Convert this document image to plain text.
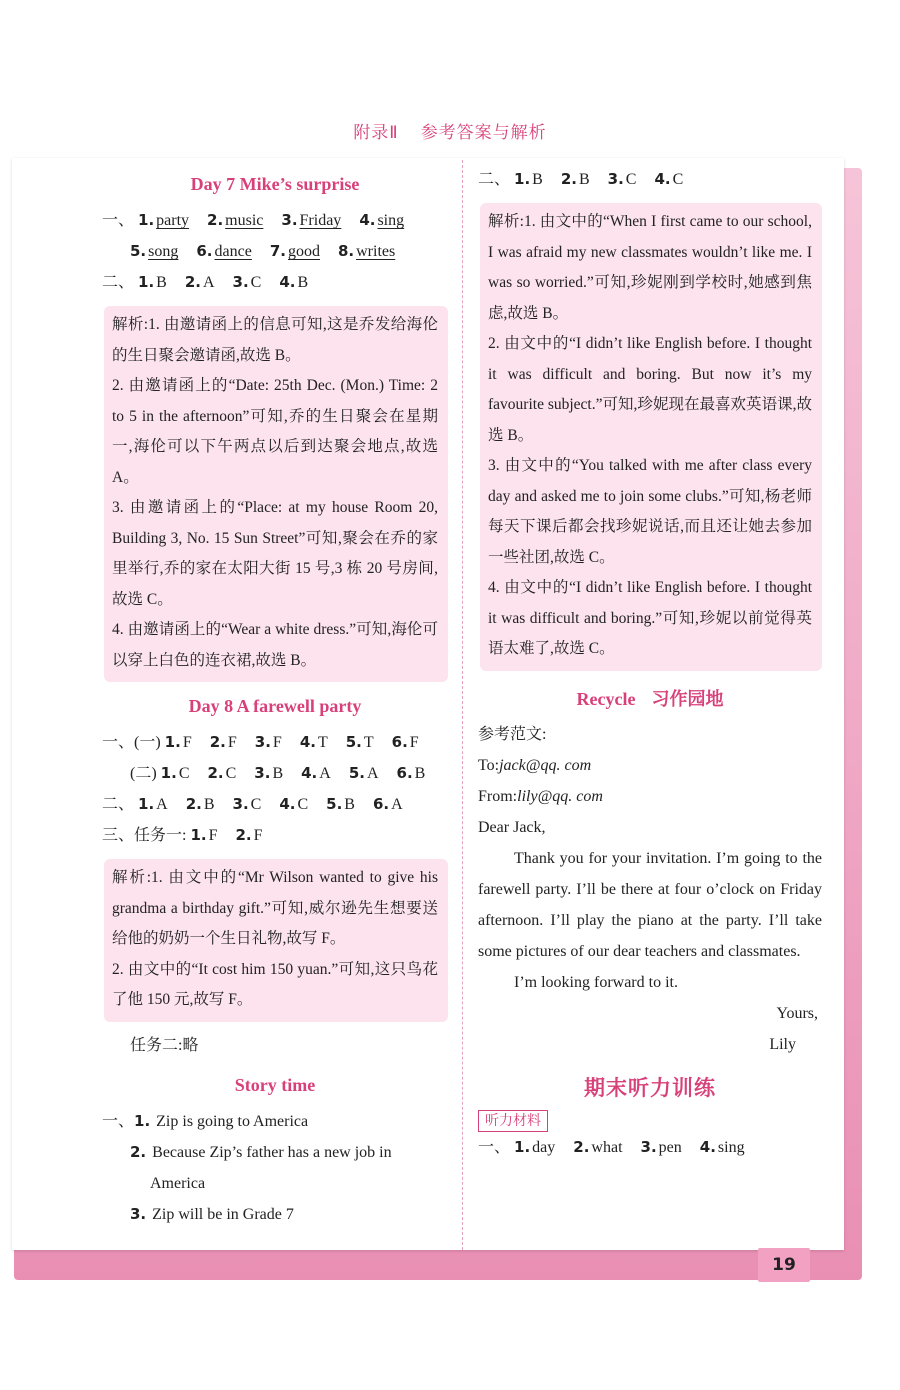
附录Ⅱ 参考答案与解析
19
Day 7 Mike’s surprise
一、 1. party 2. music 3. Friday 4. sing
5. song 6. dance 7. good 8. writes
二、 1. B 2. A 3. C 4. B

解析:1. 由邀请函上的信息可知,这是乔发给海伦的生日聚会邀请函,故选 B。

2. 由邀请函上的“Date: 25th Dec. (Mon.) Time: 2 to 5 in the afternoon”可知,乔的生日聚会在星期一,海伦可以下午两点以后到达聚会地点,故选 A。

3. 由邀请函上的“Place: at my house Room 20, Building 3, No. 15 Sun Street”可知,聚会在乔的家里举行,乔的家在太阳大街 15 号,3 栋 20 号房间,故选 C。

4. 由邀请函上的“Wear a white dress.”可知,海伦可以穿上白色的连衣裙,故选 B。

Day 8 A farewell party
一、(一) 1. F 2. F 3. F 4. T 5. T 6. F
(二) 1. C 2. C 3. B 4. A 5. A 6. B
二、 1. A 2. B 3. C 4. C 5. B 6. A
三、任务一: 1. F 2. F

解析:1. 由文中的“Mr Wilson wanted to give his grandma a birthday gift.”可知,威尔逊先生想要送给他的奶奶一个生日礼物,故写 F。

2. 由文中的“It cost him 150 yuan.”可知,这只鸟花了他 150 元,故写 F。

任务二:略
Story time
一、1. Zip is going to America
2. Because Zip’s father has a new job in
America
3. Zip will be in Grade 7
二、 1. B 2. B 3. C 4. C

解析:1. 由文中的“When I first came to our school, I was afraid my new classmates wouldn’t like me. I was so worried.”可知,珍妮刚到学校时,她感到焦虑,故选 B。

2. 由文中的“I didn’t like English before. I thought it was difficult and boring. But now it’s my favourite subject.”可知,珍妮现在最喜欢英语课,故选 B。

3. 由文中的“You talked with me after class every day and asked me to join some clubs.”可知,杨老师每天下课后都会找珍妮说话,而且还让她去参加一些社团,故选 C。

4. 由文中的“I didn’t like English before. I thought it was difficult and boring.”可知,珍妮以前觉得英语太难了,故选 C。

Recycle 习作园地

参考范文:

To:jack@qq. com

From:lily@qq. com

Dear Jack,

Thank you for your invitation. I’m going to the farewell party. I’ll be there at four o’clock on Friday afternoon. I’ll play the piano at the party. I’ll take some pictures of our dear teachers and classmates.

I’m looking forward to it.

Yours,

Lily

期末听力训练
听力材料
一、 1. day 2. what 3. pen 4. sing
